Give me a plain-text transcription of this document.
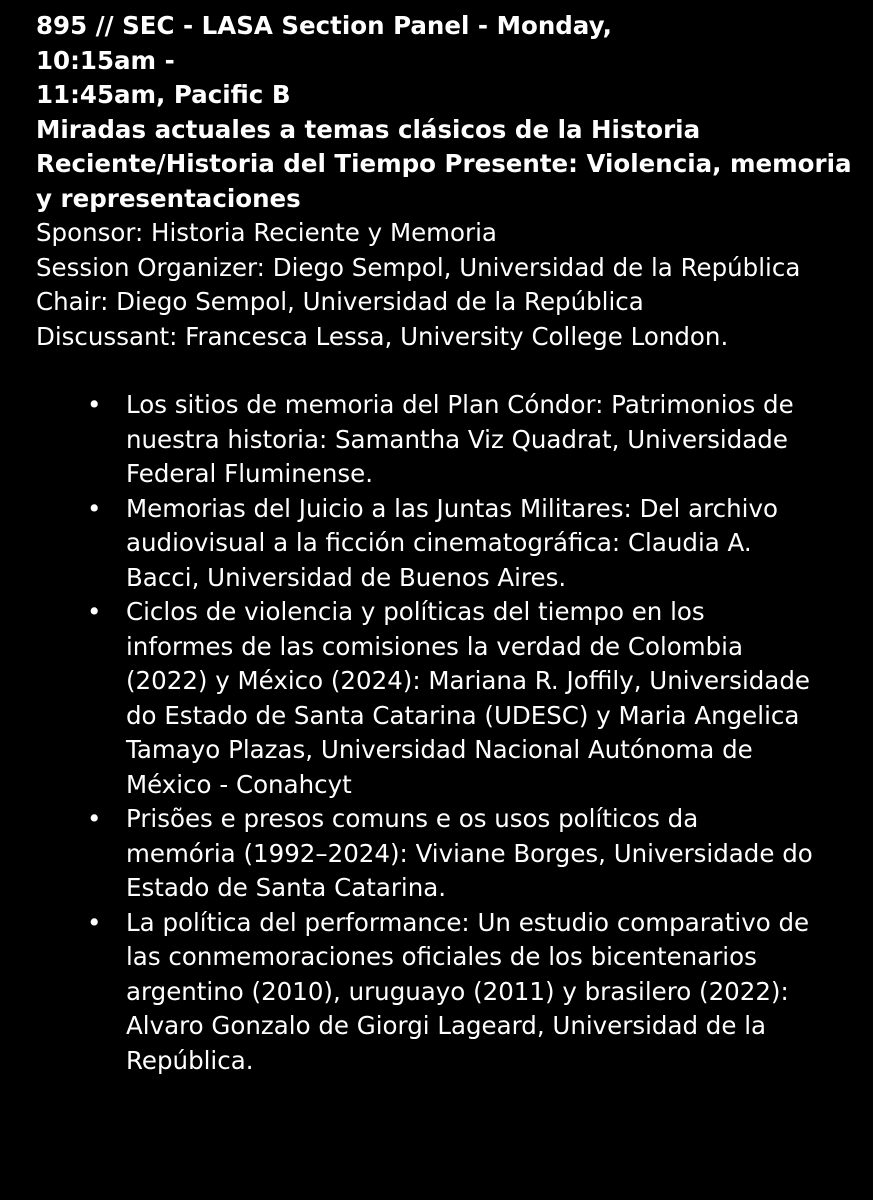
895 // SEC - LASA Section Panel - Monday,

10:15am -

11:45am, Pacific B

Miradas actuales a temas clásicos de la Historia Reciente/Historia del Tiempo Presente: Violencia, memoria y representaciones

Sponsor: Historia Reciente y Memoria

Session Organizer: Diego Sempol, Universidad de la República

Chair: Diego Sempol, Universidad de la República

Discussant: Francesca Lessa, University College London.

• Los sitios de memoria del Plan Cóndor: Patrimonios de nuestra historia: Samantha Viz Quadrat, Universidade Federal Fluminense.
• Memorias del Juicio a las Juntas Militares: Del archivo audiovisual a la ficción cinematográfica: Claudia A. Bacci, Universidad de Buenos Aires.
• Ciclos de violencia y políticas del tiempo en los informes de las comisiones la verdad de Colombia (2022) y México (2024): Mariana R. Joffily, Universidade do Estado de Santa Catarina (UDESC) y Maria Angelica Tamayo Plazas, Universidad Nacional Autónoma de México - Conahcyt
• Prisões e presos comuns e os usos políticos da memória (1992–2024): Viviane Borges, Universidade do Estado de Santa Catarina.
• La política del performance: Un estudio comparativo de las conmemoraciones oficiales de los bicentenarios argentino (2010), uruguayo (2011) y brasilero (2022): Alvaro Gonzalo de Giorgi Lageard, Universidad de la República.
